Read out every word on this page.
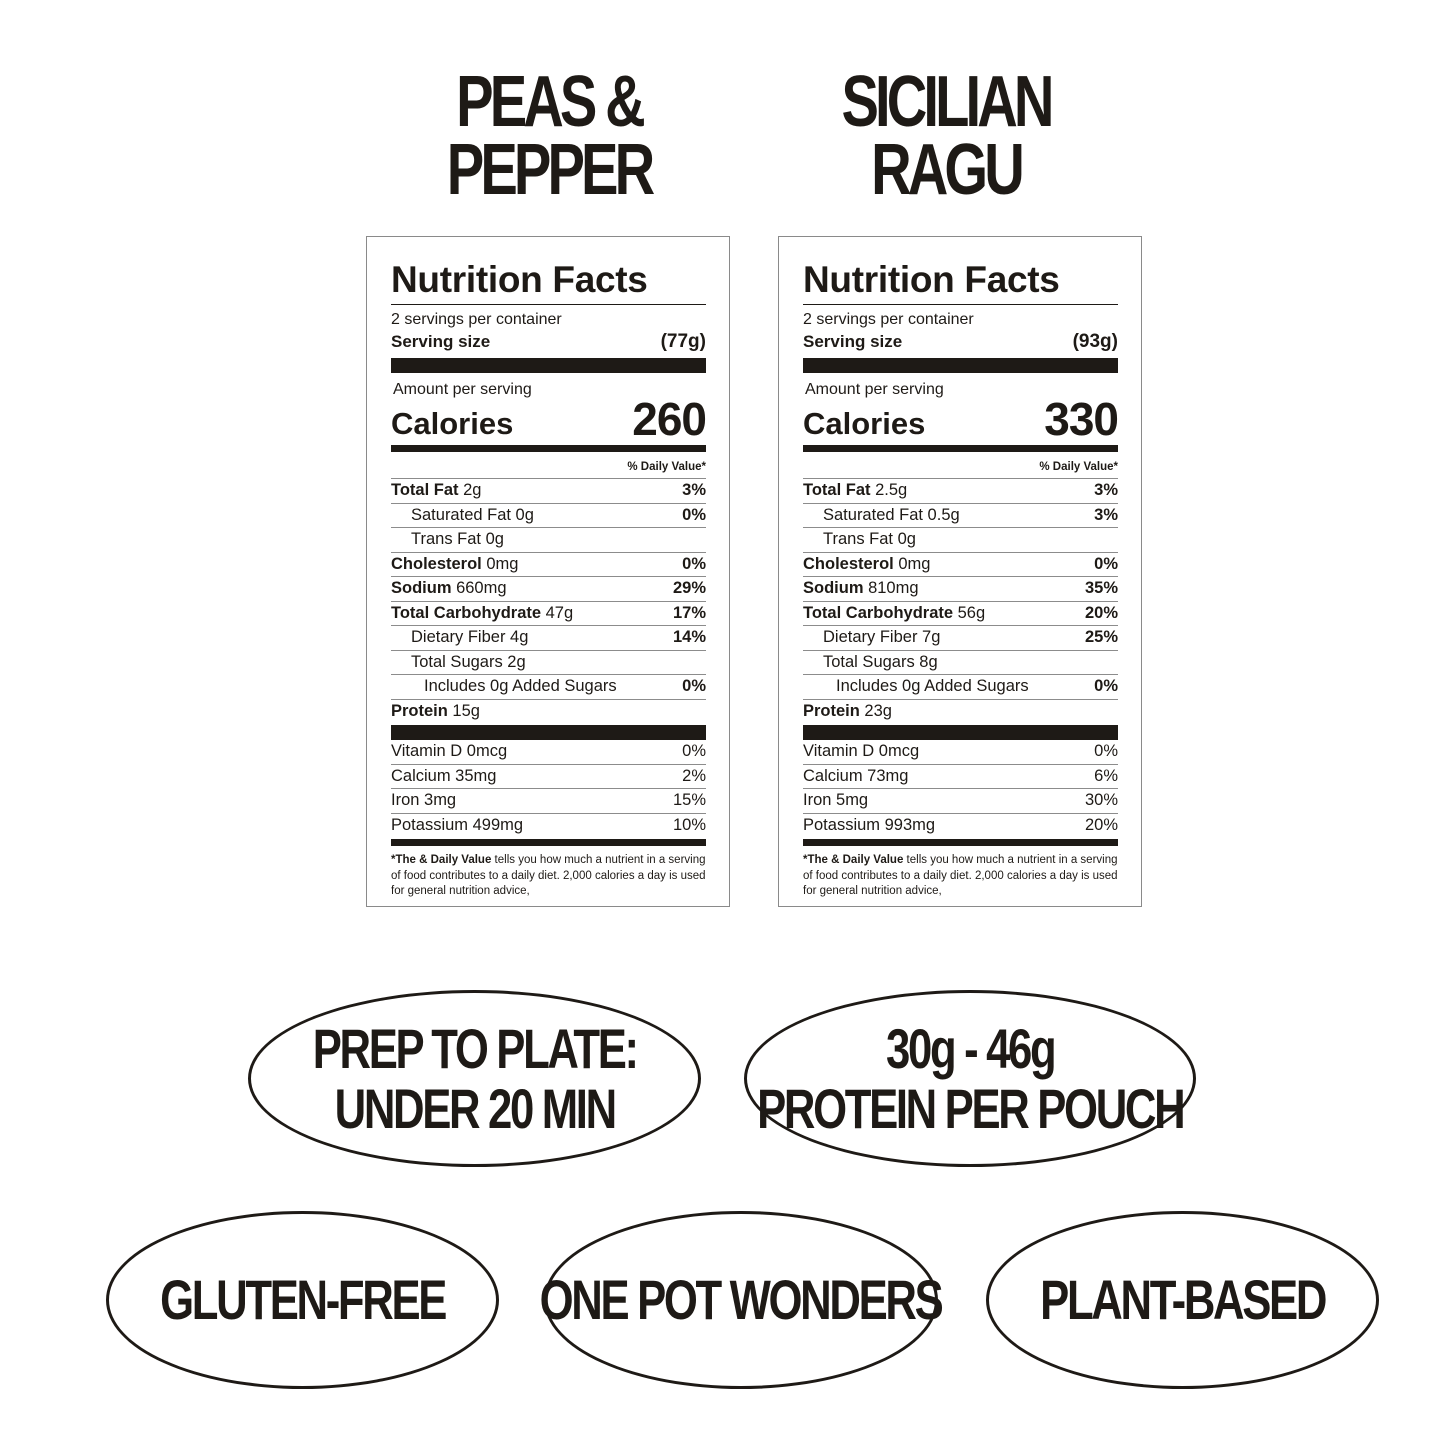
PEAS &
PEPPER
SICILIAN
RAGU
Nutrition Facts
2 servings per container
Serving size	(77g)
Amount per serving
Calories	260
% Daily Value*
Total Fat 2g	3%
Saturated Fat 0g	0%
Trans Fat 0g
Cholesterol 0mg	0%
Sodium 660mg	29%
Total Carbohydrate 47g	17%
Dietary Fiber 4g	14%
Total Sugars 2g
Includes 0g Added Sugars	0%
Protein 15g
Vitamin D 0mcg	0%
Calcium 35mg	2%
Iron 3mg	15%
Potassium 499mg	10%
*The & Daily Value tells you how much a nutrient in a serving of food contributes to a daily diet. 2,000 calories a day is used for general nutrition advice,
Nutrition Facts
2 servings per container
Serving size	(93g)
Amount per serving
Calories	330
% Daily Value*
Total Fat 2.5g	3%
Saturated Fat 0.5g	3%
Trans Fat 0g
Cholesterol 0mg	0%
Sodium 810mg	35%
Total Carbohydrate 56g	20%
Dietary Fiber 7g	25%
Total Sugars 8g
Includes 0g Added Sugars	0%
Protein 23g
Vitamin D 0mcg	0%
Calcium 73mg	6%
Iron 5mg	30%
Potassium 993mg	20%
*The & Daily Value tells you how much a nutrient in a serving of food contributes to a daily diet. 2,000 calories a day is used for general nutrition advice,
PREP TO PLATE:
UNDER 20 MIN
30g - 46g
PROTEIN PER POUCH
GLUTEN-FREE ONE POT WONDERS PLANT-BASED
